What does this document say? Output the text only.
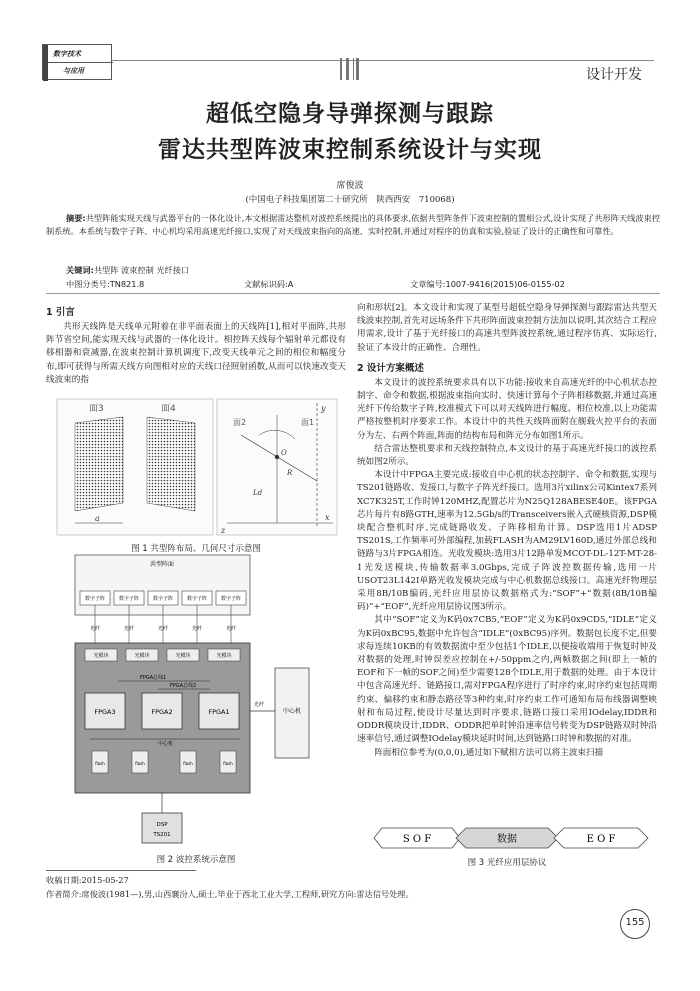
数字技术
与应用	设计开发
超低空隐身导弹探测与跟踪
雷达共型阵波束控制系统设计与实现
席俊波
(中国电子科技集团第二十研究所　陕西西安　710068)
摘要:共型阵能实现天线与武器平台的一体化设计,本文根据雷达整机对波控系统提出的具体要求,依据共型阵条件下波束控制的置相公式,设计实现了共形阵天线波束控制系统。本系统与数字子阵、中心机均采用高速光纤接口,实现了对天线波束指向的高速、实时控制,并通过对程序的仿真和实验,验证了设计的正确性和可靠性。
关键词:共型阵 波束控制 光纤接口
中图分类号:TN821.8	文献标识码:A	文章编号:1007-9416(2015)06-0155-02
1 引言

共形天线阵是天线单元附着在非平面表面上的天线阵[1],相对平面阵,共形阵节省空间,能实现天线与武器的一体化设计。相控阵天线每个辐射单元都设有移相器和衰减器,在波束控制计算机调度下,改变天线单元之间的相位和幅度分布,即可获得与所需天线方向图相对应的天线口径照射函数,从而可以快速改变天线波束的指

面3	面4
a
面2	面1
O
R
Ld
x
y
z
图 1 共型阵布局、几何尺寸示意图
共型阵面
数字子阵	数字子阵	数字子阵	数字子阵	数字子阵
光纤	光纤	光纤	光纤	光纤
光模块	光模块	光模块	光模块
FPGA总线1
FPGA总线2
FPGA3	FPGA2	FPGA1
flash	flash	flash	flash
中心机
光纤
中心机
DSP
TS201
图 2 波控系统示意图

向和形状[2]。本文设计和实现了某型号超低空隐身导弹探测与跟踪雷达共型天线波束控制,首先对远场条件下共形阵面波束控制方法加以说明,其次结合工程应用需求,设计了基于光纤接口的高速共型阵波控系统,通过程序仿真、实际运行,验证了本设计的正确性、合理性。

2 设计方案概述

本文设计的波控系统要求具有以下功能:接收来自高速光纤的中心机状态控制字、命令和数据,根据波束指向实时、快速计算每个子阵相移数据,并通过高速光纤下传给数字子阵,校准模式下可以对天线阵进行幅度、相位校准,以上功能需严格按整机时序要求工作。本设计中的共性天线阵面附在舰载火控平台的表面分为左、右两个阵面,阵面的结构布局和阵元分布如图1所示。

结合雷达整机要求和天线控制特点,本文设计的基于高速光纤接口的波控系统如图2所示。

本设计中FPGA主要完成:接收自中心机的状态控制字、命令和数据,实现与TS201链路收、发接口,与数字子阵光纤接口。选用3片xilinx公司Kintex7系列XC7K325T,工作时钟120MHZ,配置芯片为N25Q128ABESE40E。该FPGA芯片每片有8路GTH,速率为12.5Gb/s的Transceivers嵌入式硬核资源,DSP模块配合整机时序,完成链路收发、子阵移相角计算。DSP选用1片ADSP TS201S,工作频率可外部编程,加载FLASH为AM29LV160D,通过外部总线和链路与3片FPGA相连。光收发模块:选用3片12路单发MCOT-DL-12T-MT-28-1光发送模块,传输数据率3.0Gbps,完成子阵波控数据传输,选用一片USOT23L142I单路光收发模块完成与中心机数据总线接口。高速光纤物理层采用8B/10B编码,光纤应用层协议数据格式为:“SOF”+“数据(8B/10B编码)”+“EOF”,光纤应用层协议图3所示。

其中“SOF”定义为K码0x7CB5,“EOF”定义为K码0x9CD5,“IDLE”定义为K码0xBC95,数据中允许包含“IDLE”(0xBC95)序列。数据包长度不定,但要求每连续10KB的有效数据流中至少包括1个IDLE,以便接收端用于恢复时钟及对数据的处理,时钟误差应控制在+/-50ppm之内,两帧数据之间(即上一帧的EOF和下一帧的SOF之间)至少需要128个IDLE,用于数据的处理。由于本设计中包含高速光纤、链路接口,需对FPGA程序进行了时序约束,时序约束包括周期约束、偏移约束和静态路径等3种约束,时序约束工作可通知布局布线器调整映射和布局过程,使设计尽量达到时序要求,链路口接口采用IOdelay,IDDR和ODDR模块设计,IDDR、ODDR把单时钟沿速率信号转变为DSP链路双时钟沿速率信号,通过调整IOdelay模块延时时间,达到链路口时钟和数据的对准。

阵面相位参考为(0,0,0),通过如下赋相方法可以将主波束扫描

S O F	数据	E O F
图 3 光纤应用层协议
收稿日期:2015-05-27
作者简介:席俊波(1981—),男,山西襄汾人,硕士,毕业于西北工业大学,工程师,研究方向:雷达信号处理。
155
